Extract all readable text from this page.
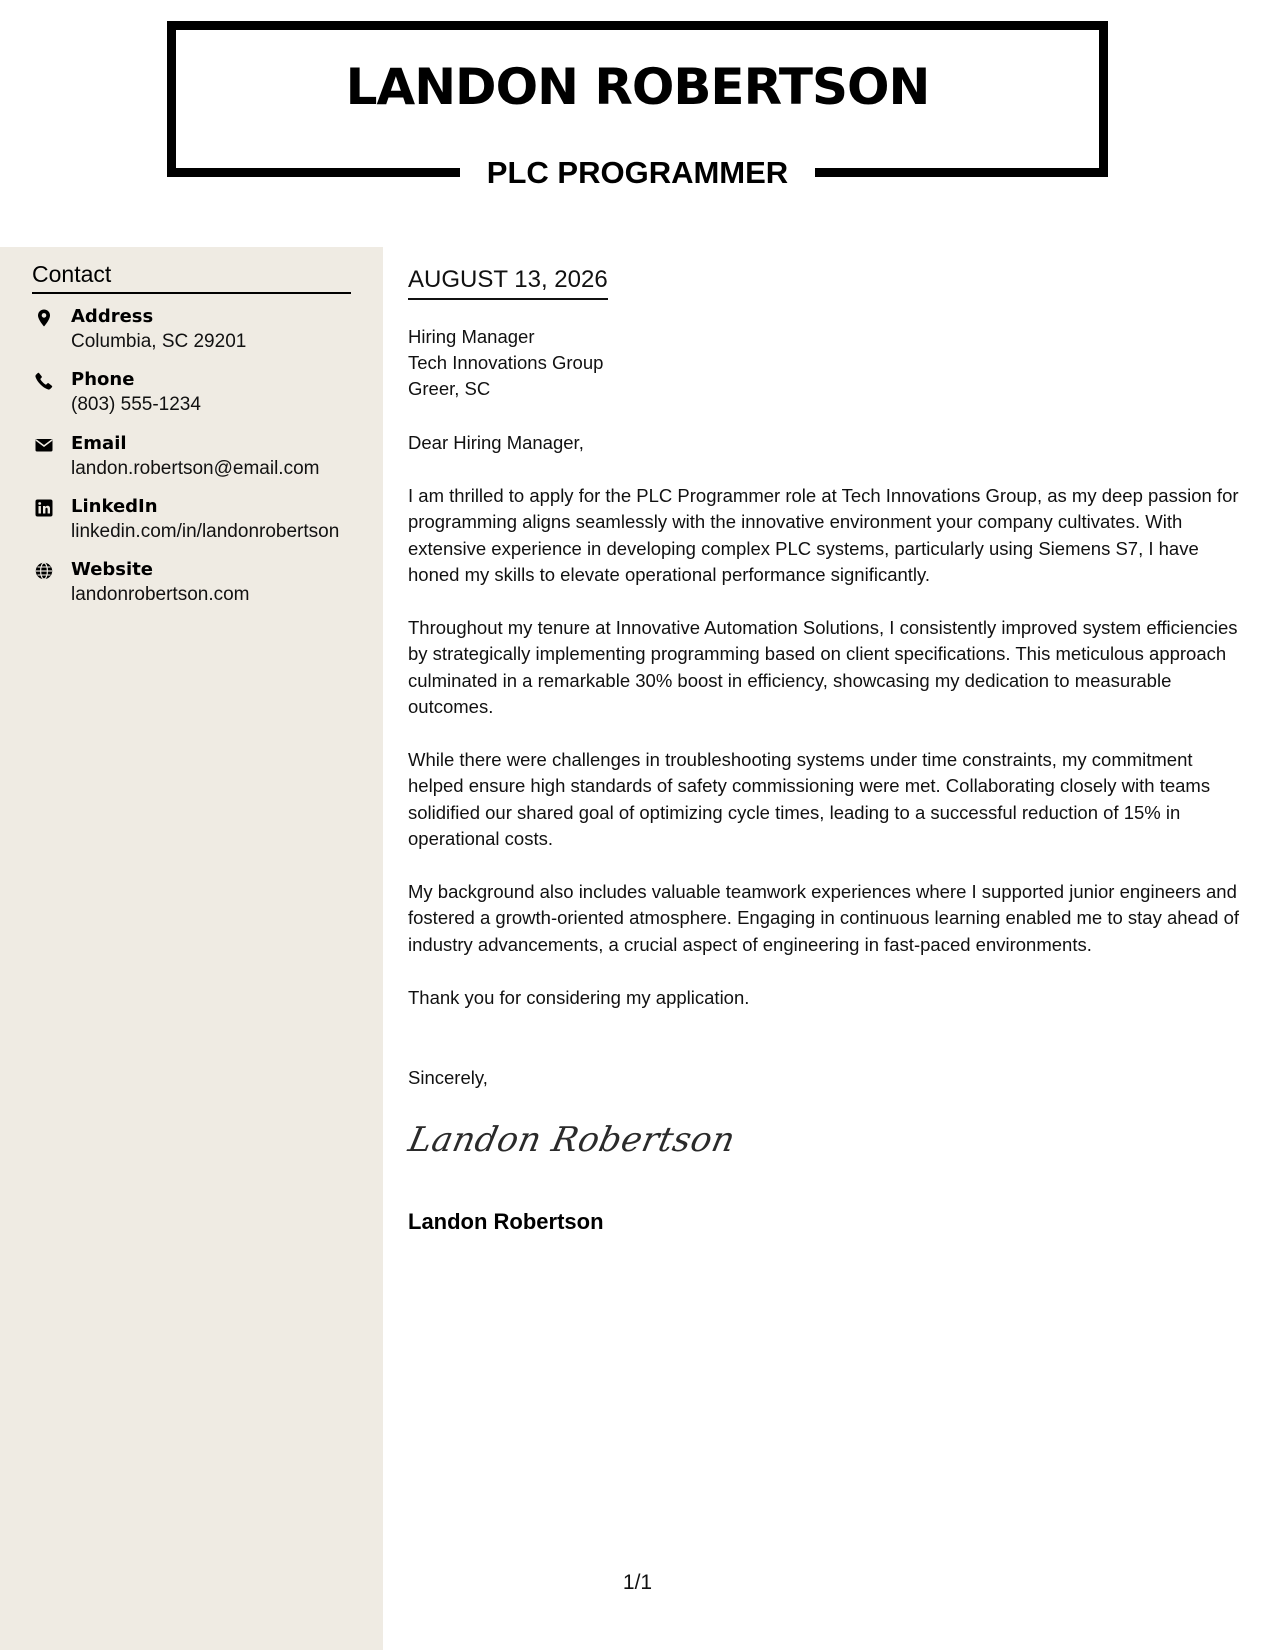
LANDON ROBERTSON
PLC PROGRAMMER
Contact
Address
Columbia, SC 29201
Phone
(803) 555-1234
Email
landon.robertson@email.com
LinkedIn
linkedin.com/in/landonrobertson
Website
landonrobertson.com
AUGUST 13, 2026
Hiring Manager
Tech Innovations Group
Greer, SC
Dear Hiring Manager,

I am thrilled to apply for the PLC Programmer role at Tech Innovations Group, as my deep passion for programming aligns seamlessly with the innovative environment your company cultivates. With extensive experience in developing complex PLC systems, particularly using Siemens S7, I have honed my skills to elevate operational performance significantly.

Throughout my tenure at Innovative Automation Solutions, I consistently improved system efficiencies by strategically implementing programming based on client specifications. This meticulous approach culminated in a remarkable 30% boost in efficiency, showcasing my dedication to measurable outcomes.

While there were challenges in troubleshooting systems under time constraints, my commitment helped ensure high standards of safety commissioning were met. Collaborating closely with teams solidified our shared goal of optimizing cycle times, leading to a successful reduction of 15% in operational costs.

My background also includes valuable teamwork experiences where I supported junior engineers and fostered a growth-oriented atmosphere. Engaging in continuous learning enabled me to stay ahead of industry advancements, a crucial aspect of engineering in fast-paced environments.

Thank you for considering my application.

Sincerely,
Landon Robertson
Landon Robertson
1/1
